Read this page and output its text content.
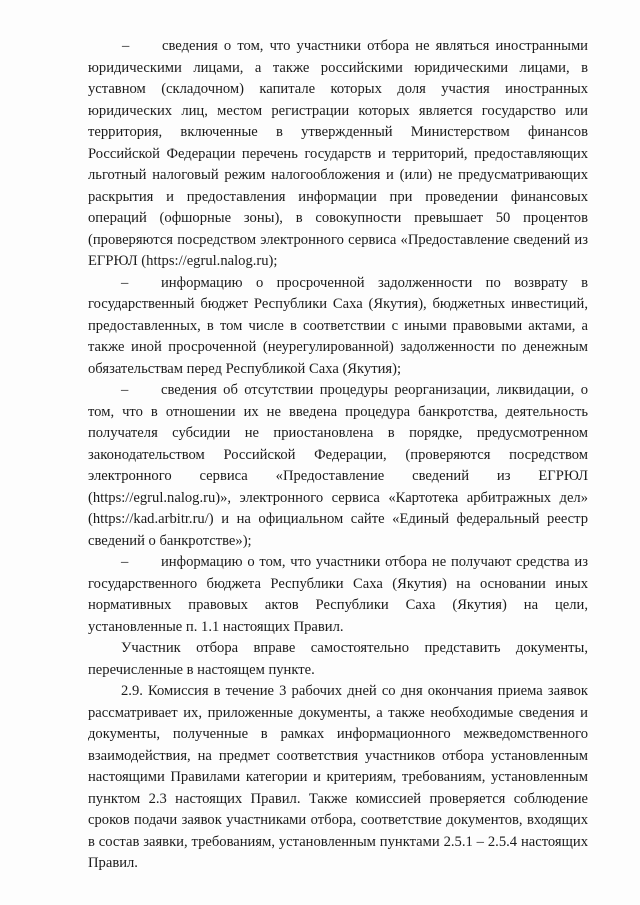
– сведения о том, что участники отбора не являться иностранными юридическими лицами, а также российскими юридическими лицами, в уставном (складочном) капитале которых доля участия иностранных юридических лиц, местом регистрации которых является государство или территория, включенные в утвержденный Министерством финансов Российской Федерации перечень государств и территорий, предоставляющих льготный налоговый режим налогообложения и (или) не предусматривающих раскрытия и предоставления информации при проведении финансовых операций (офшорные зоны), в совокупности превышает 50 процентов (проверяются посредством электронного сервиса «Предоставление сведений из ЕГРЮЛ (https://egrul.nalog.ru);

– информацию о просроченной задолженности по возврату в государственный бюджет Республики Саха (Якутия), бюджетных инвестиций, предоставленных, в том числе в соответствии с иными правовыми актами, а также иной просроченной (неурегулированной) задолженности по денежным обязательствам перед Республикой Саха (Якутия);

– сведения об отсутствии процедуры реорганизации, ликвидации, о том, что в отношении их не введена процедура банкротства, деятельность получателя субсидии не приостановлена в порядке, предусмотренном законодательством Российской Федерации, (проверяются посредством электронного сервиса «Предоставление сведений из ЕГРЮЛ (https://egrul.nalog.ru)», электронного сервиса «Картотека арбитражных дел» (https://kad.arbitr.ru/) и на официальном сайте «Единый федеральный реестр сведений о банкротстве»);

– информацию о том, что участники отбора не получают средства из государственного бюджета Республики Саха (Якутия) на основании иных нормативных правовых актов Республики Саха (Якутия) на цели, установленные п. 1.1 настоящих Правил.

Участник отбора вправе самостоятельно представить документы, перечисленные в настоящем пункте.

2.9. Комиссия в течение 3 рабочих дней со дня окончания приема заявок рассматривает их, приложенные документы, а также необходимые сведения и документы, полученные в рамках информационного межведомственного взаимодействия, на предмет соответствия участников отбора установленным настоящими Правилами категории и критериям, требованиям, установленным пунктом 2.3 настоящих Правил. Также комиссией проверяется соблюдение сроков подачи заявок участниками отбора, соответствие документов, входящих в состав заявки, требованиям, установленным пунктами 2.5.1 – 2.5.4 настоящих Правил.
